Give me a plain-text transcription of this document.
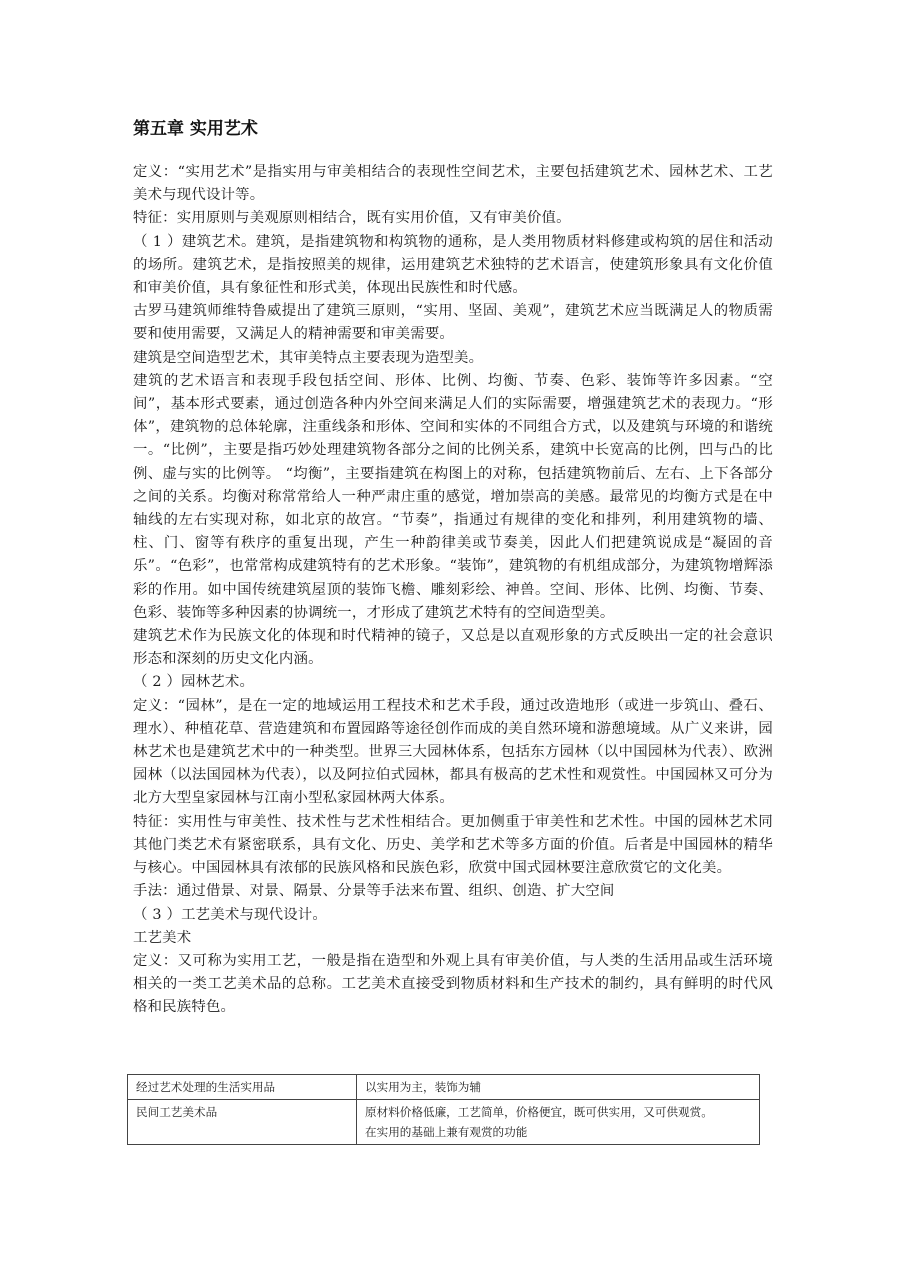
第五章 实用艺术

定义：“实用艺术”是指实用与审美相结合的表现性空间艺术，主要包括建筑艺术、园林艺术、工艺美术与现代设计等。

特征：实用原则与美观原则相结合，既有实用价值，又有审美价值。

（ 1 ）建筑艺术。建筑，是指建筑物和构筑物的通称，是人类用物质材料修建或构筑的居住和活动的场所。建筑艺术，是指按照美的规律，运用建筑艺术独特的艺术语言，使建筑形象具有文化价值和审美价值，具有象征性和形式美，体现出民族性和时代感。

古罗马建筑师维特鲁威提出了建筑三原则，“实用、坚固、美观”，建筑艺术应当既满足人的物质需要和使用需要，又满足人的精神需要和审美需要。

建筑是空间造型艺术，其审美特点主要表现为造型美。

建筑的艺术语言和表现手段包括空间、形体、比例、均衡、节奏、色彩、装饰等许多因素。“空间”，基本形式要素，通过创造各种内外空间来满足人们的实际需要，增强建筑艺术的表现力。“形体”，建筑物的总体轮廓，注重线条和形体、空间和实体的不同组合方式，以及建筑与环境的和谐统一。“比例”，主要是指巧妙处理建筑物各部分之间的比例关系，建筑中长宽高的比例，凹与凸的比例、虚与实的比例等。 “均衡”，主要指建筑在构图上的对称，包括建筑物前后、左右、上下各部分之间的关系。均衡对称常常给人一种严肃庄重的感觉，增加崇高的美感。最常见的均衡方式是在中轴线的左右实现对称，如北京的故宫。“节奏”，指通过有规律的变化和排列，利用建筑物的墙、柱、门、窗等有秩序的重复出现，产生一种韵律美或节奏美，因此人们把建筑说成是“凝固的音乐”。“色彩”，也常常构成建筑特有的艺术形象。“装饰”，建筑物的有机组成部分，为建筑物增辉添彩的作用。如中国传统建筑屋顶的装饰飞檐、雕刻彩绘、神兽。空间、形体、比例、均衡、节奏、色彩、装饰等多种因素的协调统一，才形成了建筑艺术特有的空间造型美。

建筑艺术作为民族文化的体现和时代精神的镜子，又总是以直观形象的方式反映出一定的社会意识形态和深刻的历史文化内涵。

（ 2 ）园林艺术。

定义：“园林”，是在一定的地域运用工程技术和艺术手段，通过改造地形（或进一步筑山、叠石、理水）、种植花草、营造建筑和布置园路等途径创作而成的美自然环境和游憩境域。从广义来讲，园林艺术也是建筑艺术中的一种类型。世界三大园林体系，包括东方园林（以中国园林为代表）、欧洲园林（以法国园林为代表），以及阿拉伯式园林，都具有极高的艺术性和观赏性。中国园林又可分为北方大型皇家园林与江南小型私家园林两大体系。

特征：实用性与审美性、技术性与艺术性相结合。更加侧重于审美性和艺术性。中国的园林艺术同其他门类艺术有紧密联系，具有文化、历史、美学和艺术等多方面的价值。后者是中国园林的精华与核心。中国园林具有浓郁的民族风格和民族色彩，欣赏中国式园林要注意欣赏它的文化美。

手法：通过借景、对景、隔景、分景等手法来布置、组织、创造、扩大空间

（ 3 ）工艺美术与现代设计。

工艺美术

定义：又可称为实用工艺，一般是指在造型和外观上具有审美价值，与人类的生活用品或生活环境相关的一类工艺美术品的总称。工艺美术直接受到物质材料和生产技术的制约，具有鲜明的时代风格和民族特色。

经过艺术处理的生活实用品	以实用为主，装饰为辅

民间工艺美术品	原材料价格低廉，工艺简单，价格便宜，既可供实用，又可供观赏。
在实用的基础上兼有观赏的功能
